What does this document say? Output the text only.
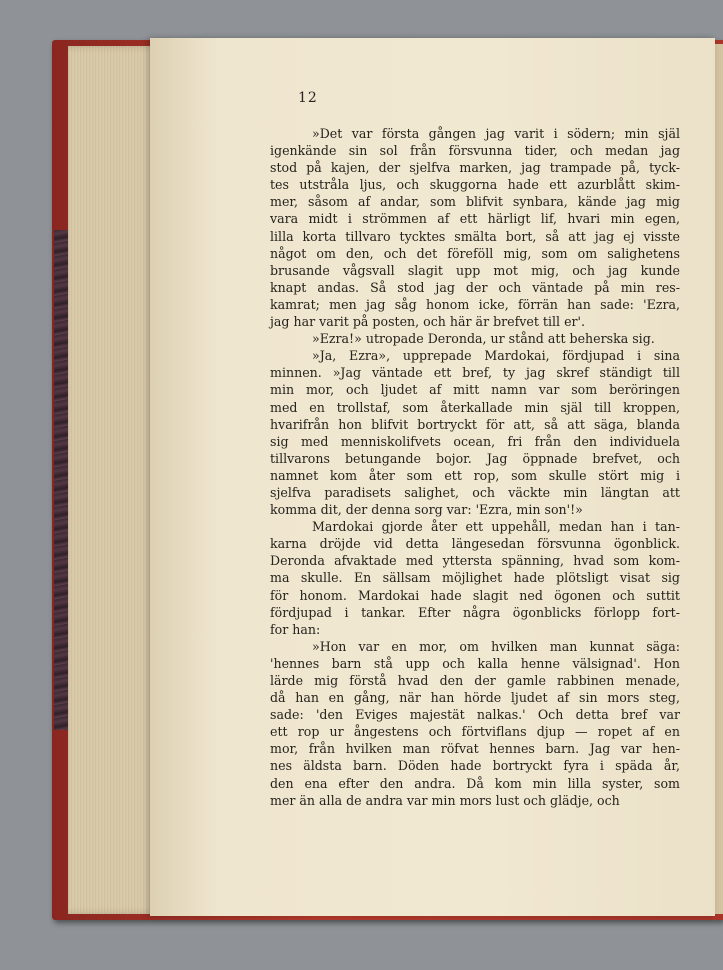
12
»Det var första gången jag varit i södern; min själ
igenkände sin sol från försvunna tider, och medan jag
stod på kajen, der sjelfva marken, jag trampade på, tyck-
tes utstråla ljus, och skuggorna hade ett azurblått skim-
mer, såsom af andar, som blifvit synbara, kände jag mig
vara midt i strömmen af ett härligt lif, hvari min egen,
lilla korta tillvaro tycktes smälta bort, så att jag ej visste
något om den, och det föreföll mig, som om salighetens
brusande vågsvall slagit upp mot mig, och jag kunde
knapt andas. Så stod jag der och väntade på min res-
kamrat; men jag såg honom icke, förrän han sade: 'Ezra,
jag har varit på posten, och här är brefvet till er'.
»Ezra!» utropade Deronda, ur stånd att beherska sig.
»Ja, Ezra», upprepade Mardokai, fördjupad i sina
minnen. »Jag väntade ett bref, ty jag skref ständigt till
min mor, och ljudet af mitt namn var som beröringen
med en trollstaf, som återkallade min själ till kroppen,
hvarifrån hon blifvit bortryckt för att, så att säga, blanda
sig med menniskolifvets ocean, fri från den individuela
tillvarons betungande bojor. Jag öppnade brefvet, och
namnet kom åter som ett rop, som skulle stört mig i
sjelfva paradisets salighet, och väckte min längtan att
komma dit, der denna sorg var: 'Ezra, min son'!»
Mardokai gjorde åter ett uppehåll, medan han i tan-
karna dröjde vid detta längesedan försvunna ögonblick.
Deronda afvaktade med yttersta spänning, hvad som kom-
ma skulle. En sällsam möjlighet hade plötsligt visat sig
för honom. Mardokai hade slagit ned ögonen och suttit
fördjupad i tankar. Efter några ögonblicks förlopp fort-
for han:
»Hon var en mor, om hvilken man kunnat säga:
'hennes barn stå upp och kalla henne välsignad'. Hon
lärde mig förstå hvad den der gamle rabbinen menade,
då han en gång, när han hörde ljudet af sin mors steg,
sade: 'den Eviges majestät nalkas.' Och detta bref var
ett rop ur ångestens och förtviflans djup — ropet af en
mor, från hvilken man röfvat hennes barn. Jag var hen-
nes äldsta barn. Döden hade bortryckt fyra i späda år,
den ena efter den andra. Då kom min lilla syster, som
mer än alla de andra var min mors lust och glädje, och
